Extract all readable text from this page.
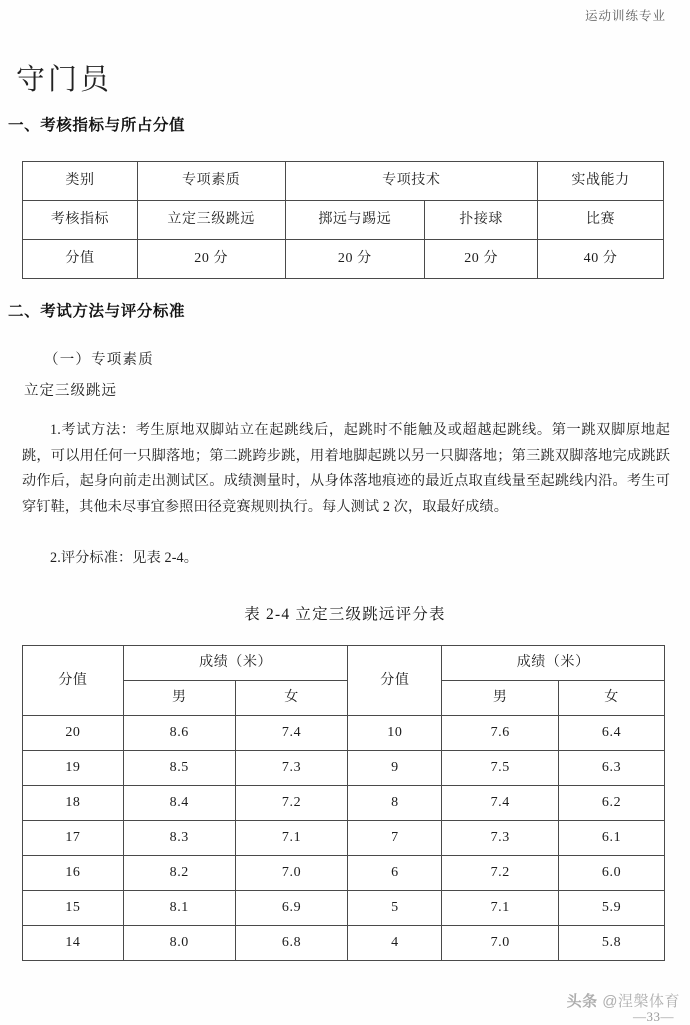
运动训练专业
守门员
一、考核指标与所占分值
类别	专项素质	专项技术		实战能力
考核指标	立定三级跳远	掷远与踢远	扑接球	比赛
分值	20 分	20 分	20 分	40 分
二、考试方法与评分标准
（一）专项素质
立定三级跳远

1.考试方法：考生原地双脚站立在起跳线后，起跳时不能触及或超越起跳线。第一跳双脚原地起跳，可以用任何一只脚落地；第二跳跨步跳，用着地脚起跳以另一只脚落地；第三跳双脚落地完成跳跃动作后，起身向前走出测试区。成绩测量时，从身体落地痕迹的最近点取直线量至起跳线内沿。考生可穿钉鞋，其他未尽事宜参照田径竞赛规则执行。每人测试 2 次，取最好成绩。

2.评分标准：见表 2-4。

表 2-4 立定三级跳远评分表
分值	成绩（米）		分值	成绩（米）	
	男	女		男	女
20	8.6	7.4	10	7.6	6.4
19	8.5	7.3	9	7.5	6.3
18	8.4	7.2	8	7.4	6.2
17	8.3	7.1	7	7.3	6.1
16	8.2	7.0	6	7.2	6.0
15	8.1	6.9	5	7.1	5.9
14	8.0	6.8	4	7.0	5.8
头条 @涅槃体育
—33—
